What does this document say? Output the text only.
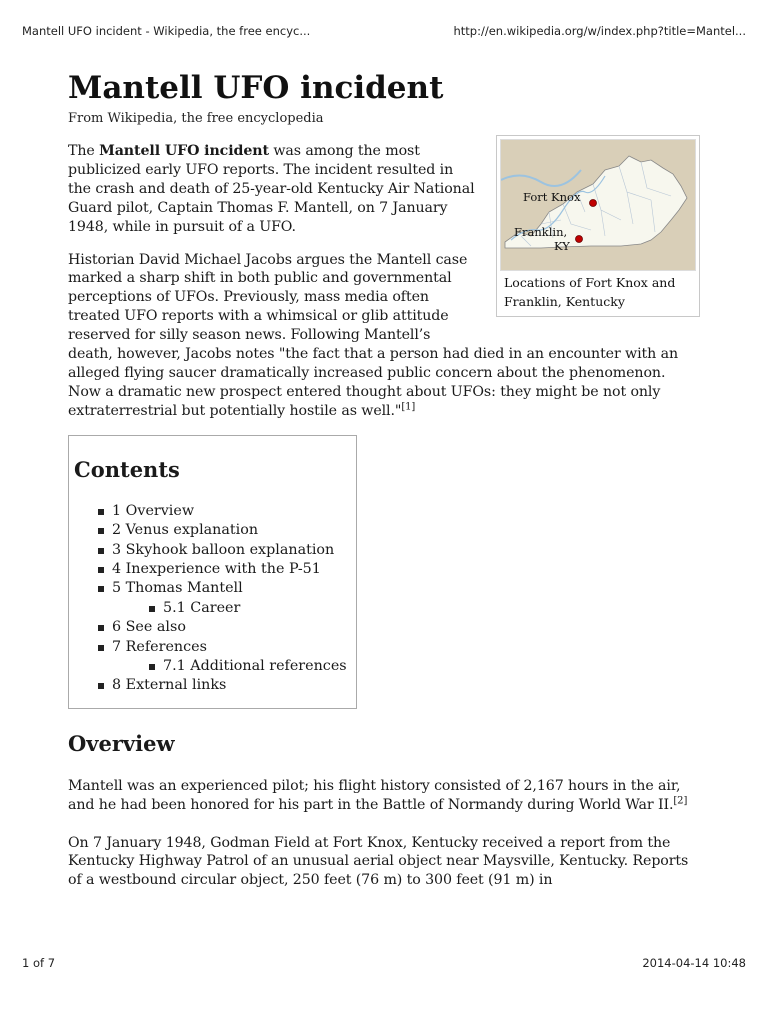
Mantell UFO incident - Wikipedia, the free encyc...	http://en.wikipedia.org/w/index.php?title=Mantel...
Mantell UFO incident
From Wikipedia, the free encyclopedia
Fort Knox
Franklin,
KY
Locations of Fort Knox and Franklin, Kentucky

The Mantell UFO incident was among the most publicized early UFO reports. The incident resulted in the crash and death of 25-year-old Kentucky Air National Guard pilot, Captain Thomas F. Mantell, on 7 January 1948, while in pursuit of a UFO.

Historian David Michael Jacobs argues the Mantell case marked a sharp shift in both public and governmental perceptions of UFOs. Previously, mass media often treated UFO reports with a whimsical or glib attitude reserved for silly season news. Following Mantell’s death, however, Jacobs notes "the fact that a person had died in an encounter with an alleged flying saucer dramatically increased public concern about the phenomenon. Now a dramatic new prospect entered thought about UFOs: they might be not only extraterrestrial but potentially hostile as well."[1]

Contents
1 Overview
2 Venus explanation
3 Skyhook balloon explanation
4 Inexperience with the P-51
5 Thomas Mantell
5.1 Career
6 See also
7 References
7.1 Additional references
8 External links
Overview

Mantell was an experienced pilot; his flight history consisted of 2,167 hours in the air, and he had been honored for his part in the Battle of Normandy during World War II.[2]

On 7 January 1948, Godman Field at Fort Knox, Kentucky received a report from the Kentucky Highway Patrol of an unusual aerial object near Maysville, Kentucky. Reports of a westbound circular object, 250 feet (76 m) to 300 feet (91 m) in

1 of 7	2014-04-14 10:48
